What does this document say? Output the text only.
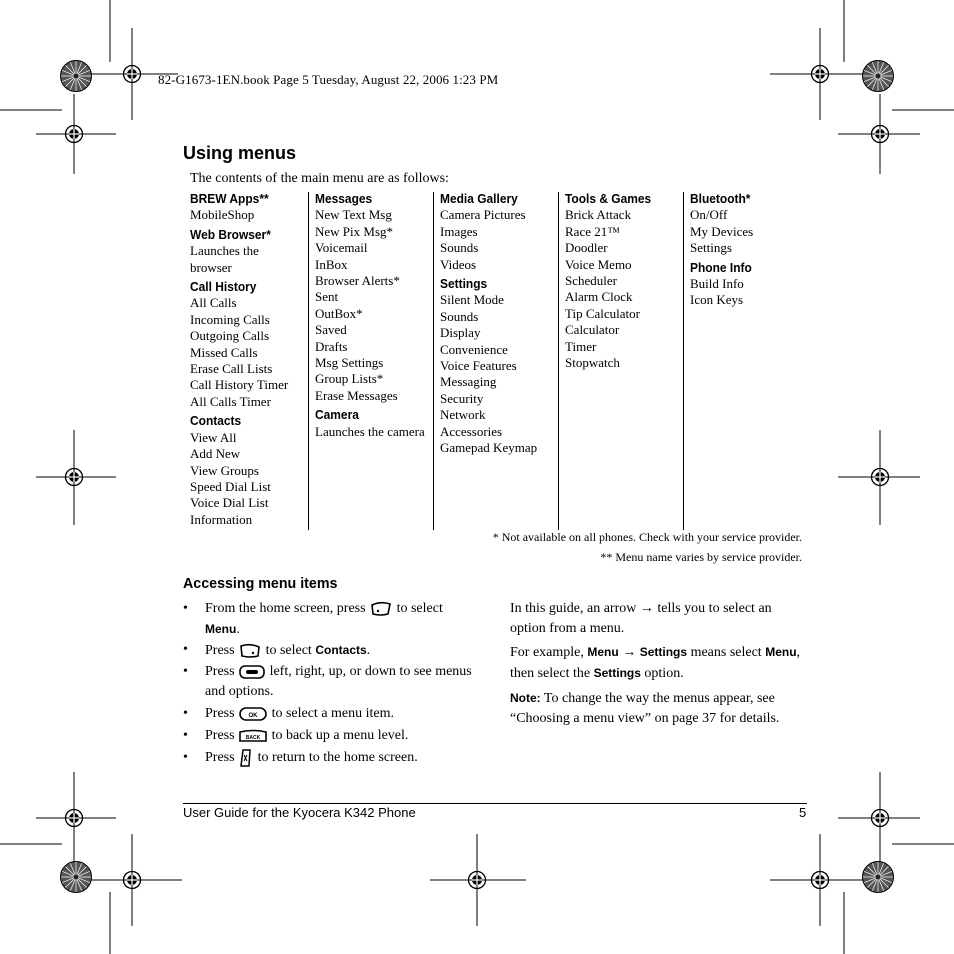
82-G1673-1EN.book Page 5 Tuesday, August 22, 2006 1:23 PM
Using menus
The contents of the main menu are as follows:
BREW Apps**
MobileShop
Web Browser*
Launches the
browser
Call History
All Calls
Incoming Calls
Outgoing Calls
Missed Calls
Erase Call Lists
Call History Timer
All Calls Timer
Contacts
View All
Add New
View Groups
Speed Dial List
Voice Dial List
Information
Messages
New Text Msg
New Pix Msg*
Voicemail
InBox
Browser Alerts*
Sent
OutBox*
Saved
Drafts
Msg Settings
Group Lists*
Erase Messages
Camera
Launches the camera
Media Gallery
Camera Pictures
Images
Sounds
Videos
Settings
Silent Mode
Sounds
Display
Convenience
Voice Features
Messaging
Security
Network
Accessories
Gamepad Keymap
Tools & Games
Brick Attack
Race 21™
Doodler
Voice Memo
Scheduler
Alarm Clock
Tip Calculator
Calculator
Timer
Stopwatch
Bluetooth*
On/Off
My Devices
Settings
Phone Info
Build Info
Icon Keys
* Not available on all phones. Check with your service provider.
** Menu name varies by service provider.
Accessing menu items
• From the home screen, press to select Menu.
• Press to select Contacts.
• Press	left, right, up, or down to see menus and options.
• Press OK to select a menu item.
• Press BACK to back up a menu level.
• Press to return to the home screen.
In this guide, an arrow → tells you to select an option from a menu.
For example, Menu → Settings means select Menu, then select the Settings option.
Note: To change the way the menus appear, see “Choosing a menu view” on page 37 for details.
User Guide for the Kyocera K342 Phone	5
